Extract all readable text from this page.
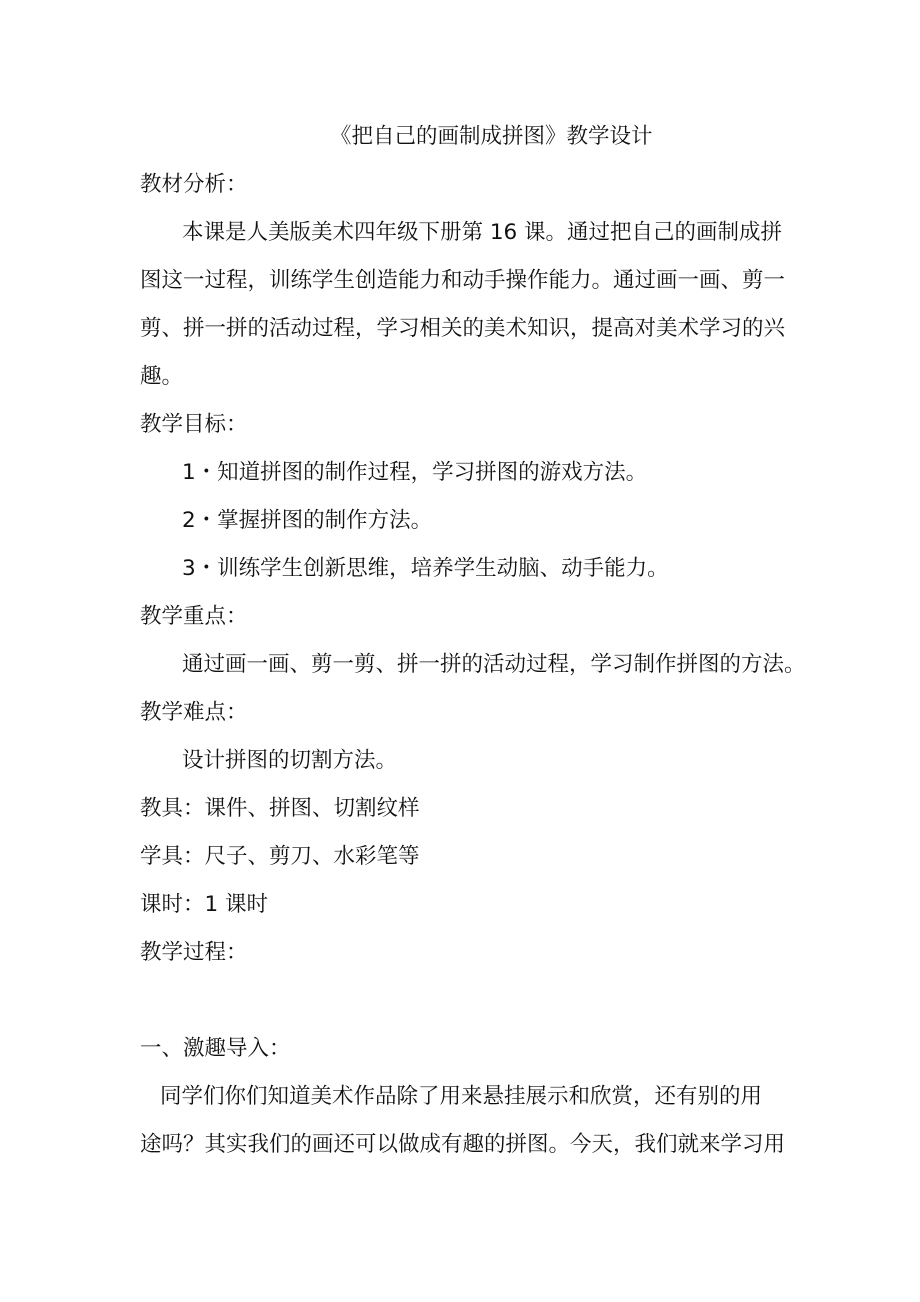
《把自己的画制成拼图》教学设计
教材分析：
本课是人美版美术四年级下册第 16 课。通过把自己的画制成拼
图这一过程，训练学生创造能力和动手操作能力。通过画一画、剪一
剪、拼一拼的活动过程，学习相关的美术知识，提高对美术学习的兴
趣。
教学目标：
1・知道拼图的制作过程，学习拼图的游戏方法。
2・掌握拼图的制作方法。
3・训练学生创新思维，培养学生动脑、动手能力。
教学重点：
通过画一画、剪一剪、拼一拼的活动过程，学习制作拼图的方法。
教学难点：
设计拼图的切割方法。
教具：课件、拼图、切割纹样
学具：尺子、剪刀、水彩笔等
课时：1 课时
教学过程：
一、激趣导入：
同学们你们知道美术作品除了用来悬挂展示和欣赏，还有别的用
途吗？其实我们的画还可以做成有趣的拼图。今天，我们就来学习用
